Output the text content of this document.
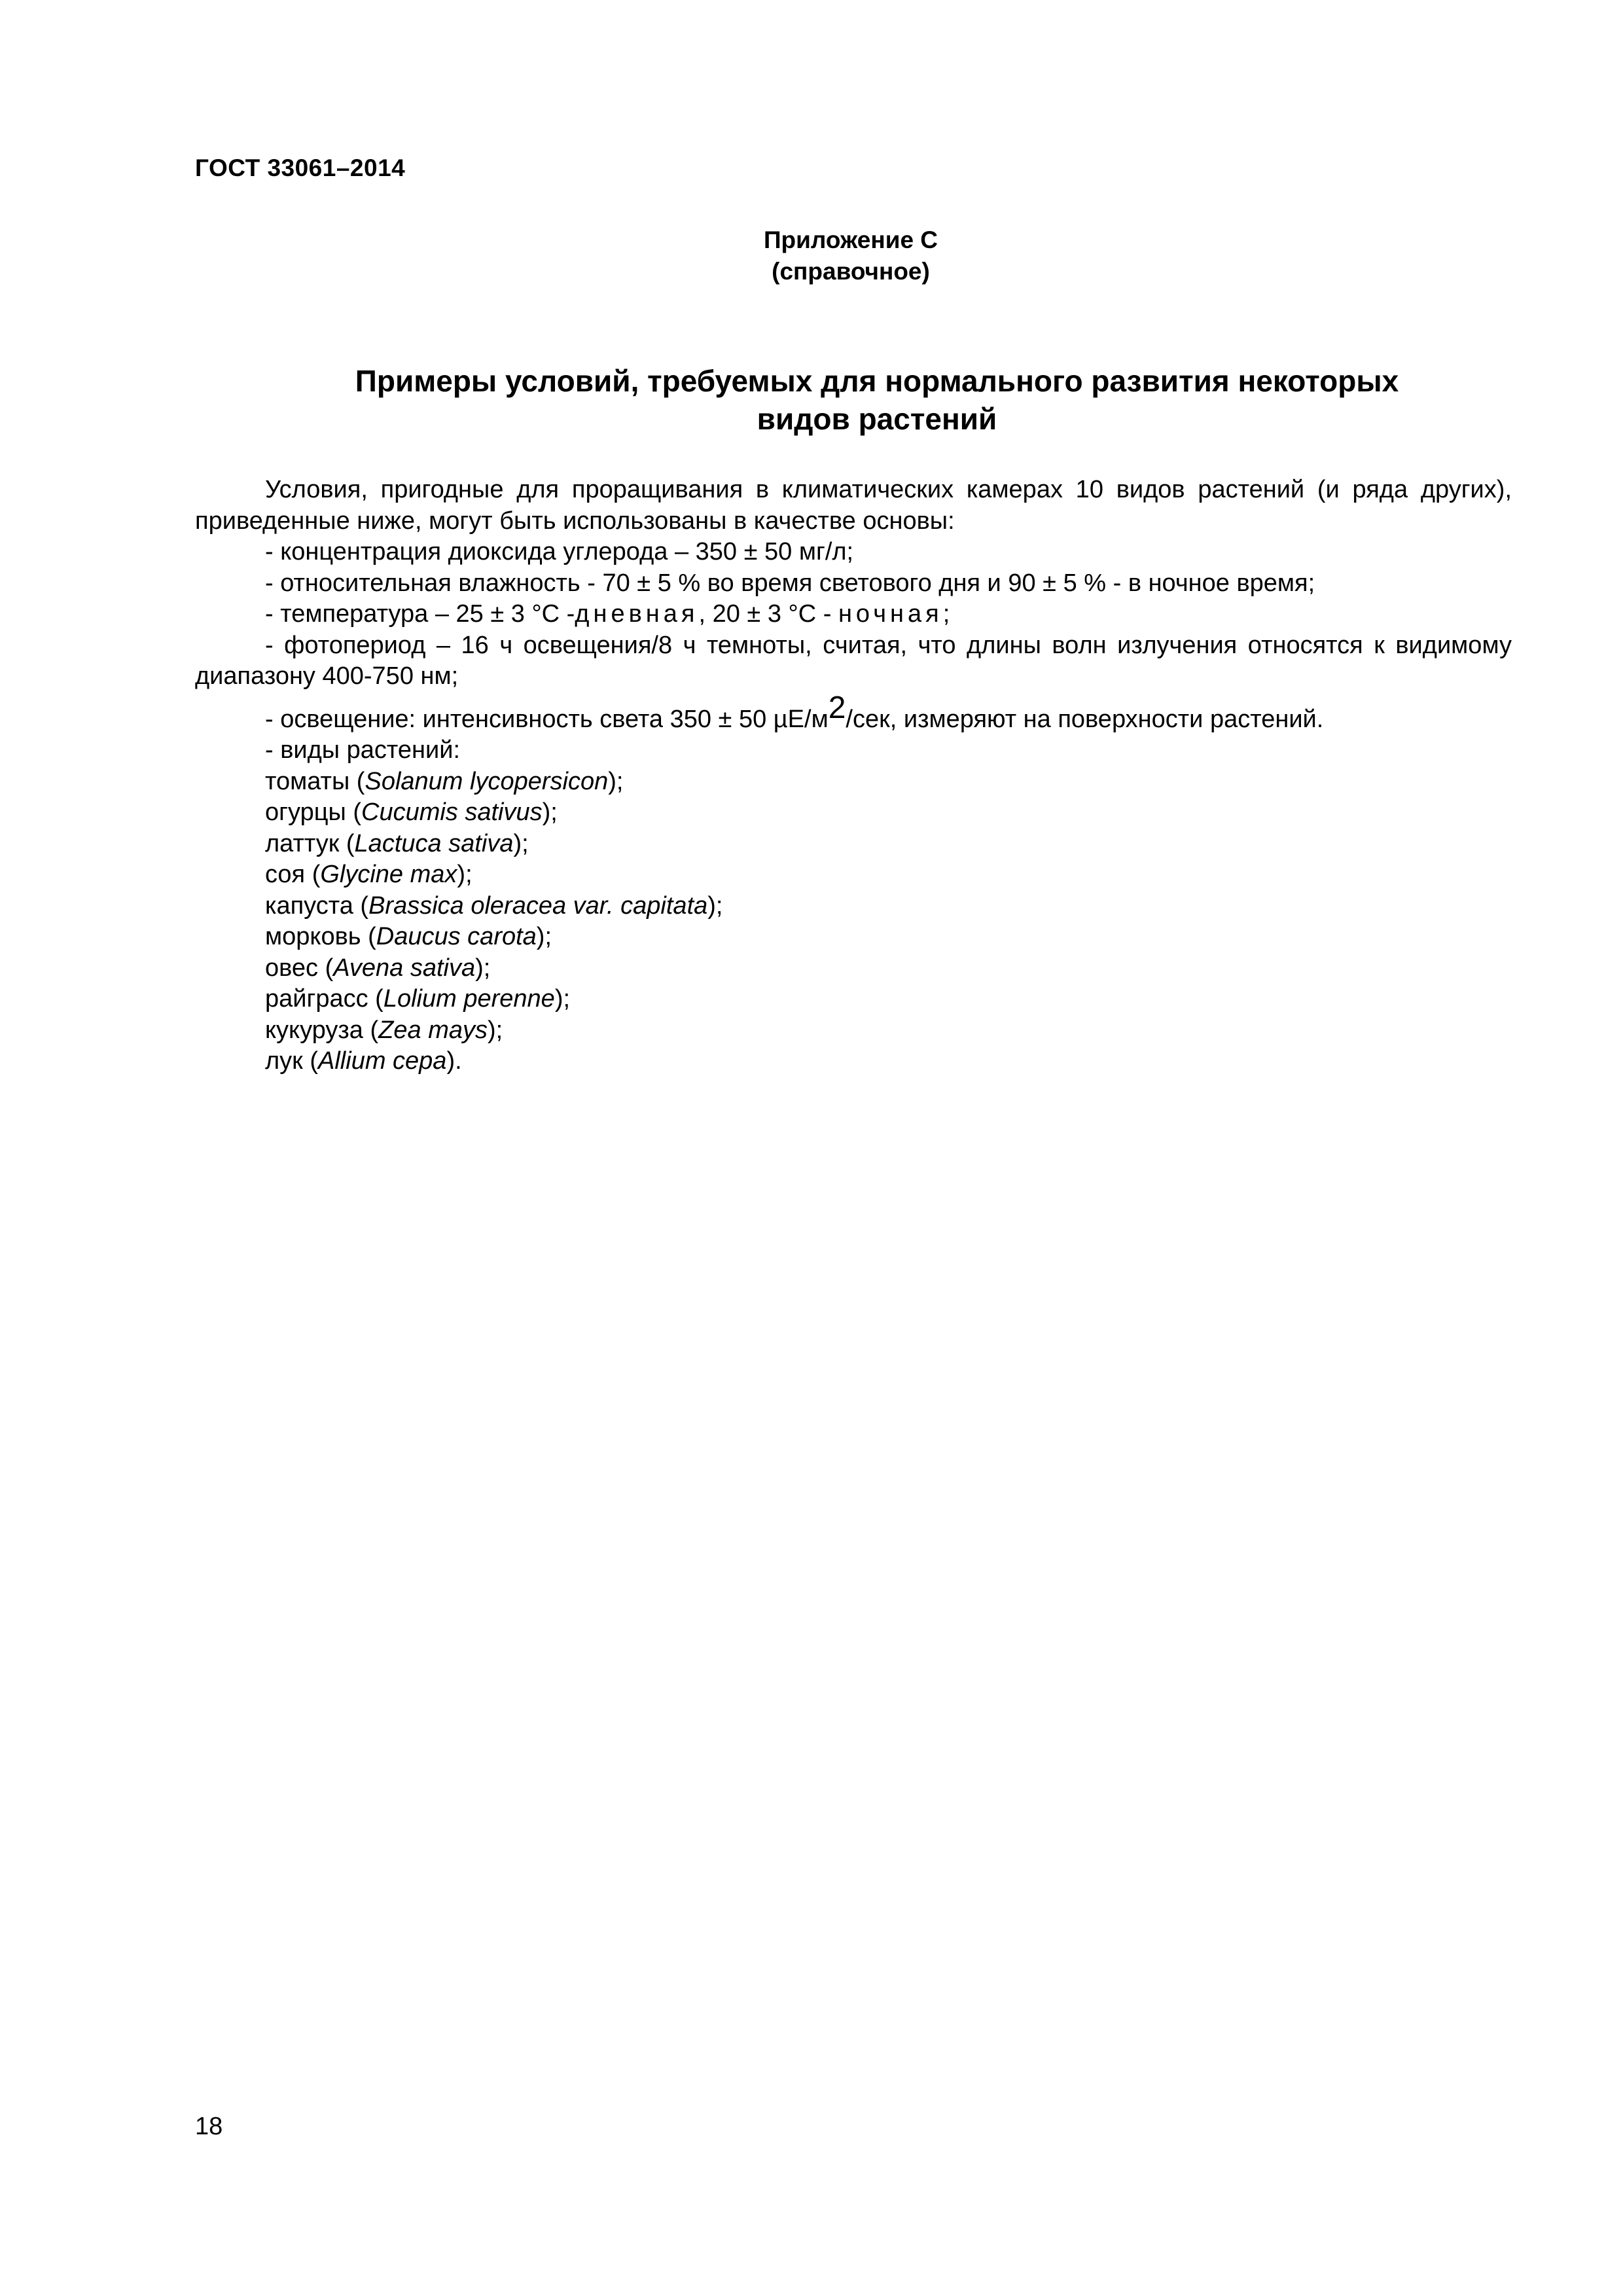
ГОСТ 33061–2014
Приложение С
(справочное)
Примеры условий, требуемых для нормального развития некоторых
видов растений

Условия, пригодные для проращивания в климатических камерах 10 видов растений (и ряда других), приведенные ниже, могут быть использованы в качестве основы:

- концентрация диоксида углерода – 350 ± 50 мг/л;

- относительная влажность - 70 ± 5 % во время светового дня и 90 ± 5 % - в ночное время;

- температура – 25 ± 3 °C -дневная, 20 ± 3 °C - ночная;

- фотопериод – 16 ч освещения/8 ч темноты, считая, что длины волн излучения относятся к видимому диапазону 400-750 нм;

- освещение: интенсивность света 350 ± 50 $\mu E/м^2$/сек, измеряют на поверхности растений.

- виды растений:

томаты (Solanum lycopersicon);
огурцы (Cucumis sativus);
латтук (Lactuca sativa);
соя (Glycine max);
капуста (Brassica oleracea var. capitata);
морковь (Daucus carota);
овес (Avena sativa);
райграсс (Lolium perenne);
кукуруза (Zea mays);
лук (Allium cepa).
18
